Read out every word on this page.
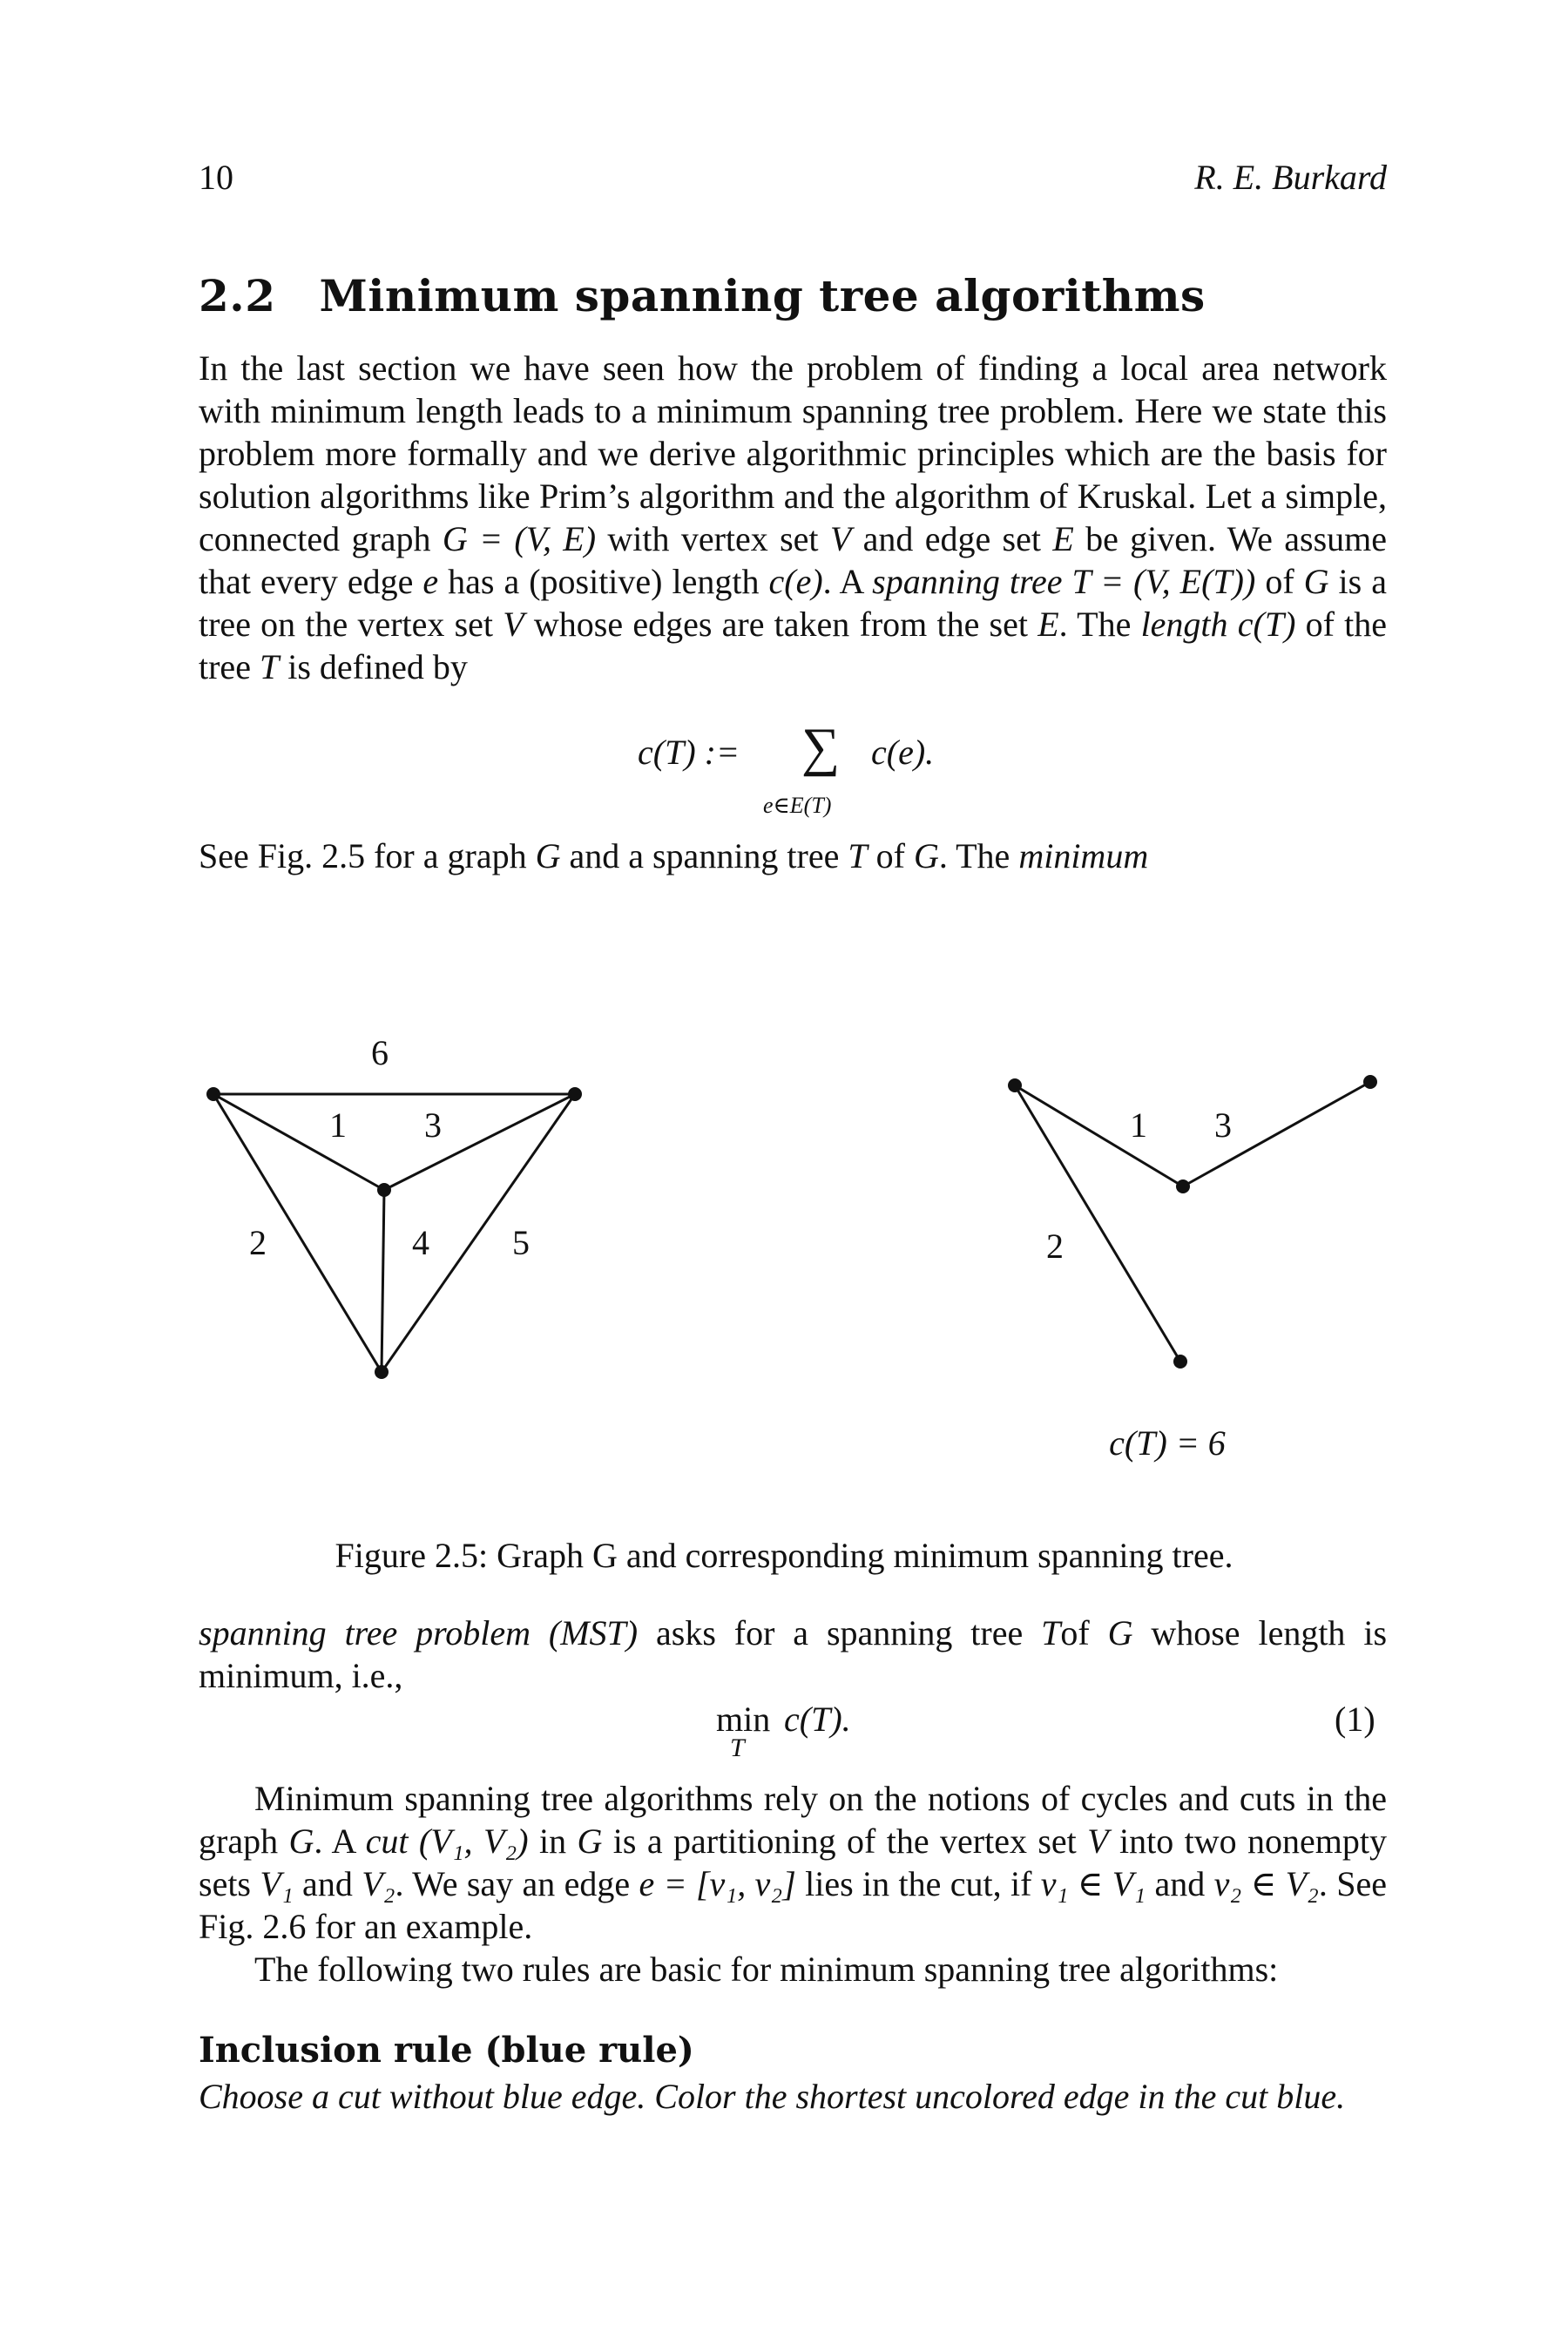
10	R. E. Burkard
2.2 Minimum spanning tree algorithms

In the last section we have seen how the problem of finding a local area network with minimum length leads to a minimum spanning tree problem. Here we state this problem more formally and we derive algorithmic principles which are the basis for solution algorithms like Prim’s algorithm and the algorithm of Kruskal. Let a simple, connected graph G = (V, E) with vertex set V and edge set E be given. We assume that every edge e has a (positive) length c(e). A spanning tree T = (V, E(T)) of G is a tree on the vertex set V whose edges are taken from the set E. The length c(T) of the tree T is defined by

c(T) := ∑ c(e).
e∈E(T)

See Fig. 2.5 for a graph G and a spanning tree T of G. The minimum

6
1 3
2	4 5
1 3
2
c(T) = 6
Figure 2.5: Graph G and corresponding minimum spanning tree.

spanning tree problem (MST) asks for a spanning tree Tof G whose length is minimum, i.e.,

min
T
c(T).	(1)

Minimum spanning tree algorithms rely on the notions of cycles and cuts in the graph G. A cut (V₁, V₂) in G is a partitioning of the vertex set V into two nonempty sets V₁ and V₂. We say an edge e = [v₁, v₂] lies in the cut, if v₁ ∈ V₁ and v₂ ∈ V₂. See Fig. 2.6 for an example.

The following two rules are basic for minimum spanning tree algorithms:

Inclusion rule (blue rule)

Choose a cut without blue edge. Color the shortest uncolored edge in the cut blue.
